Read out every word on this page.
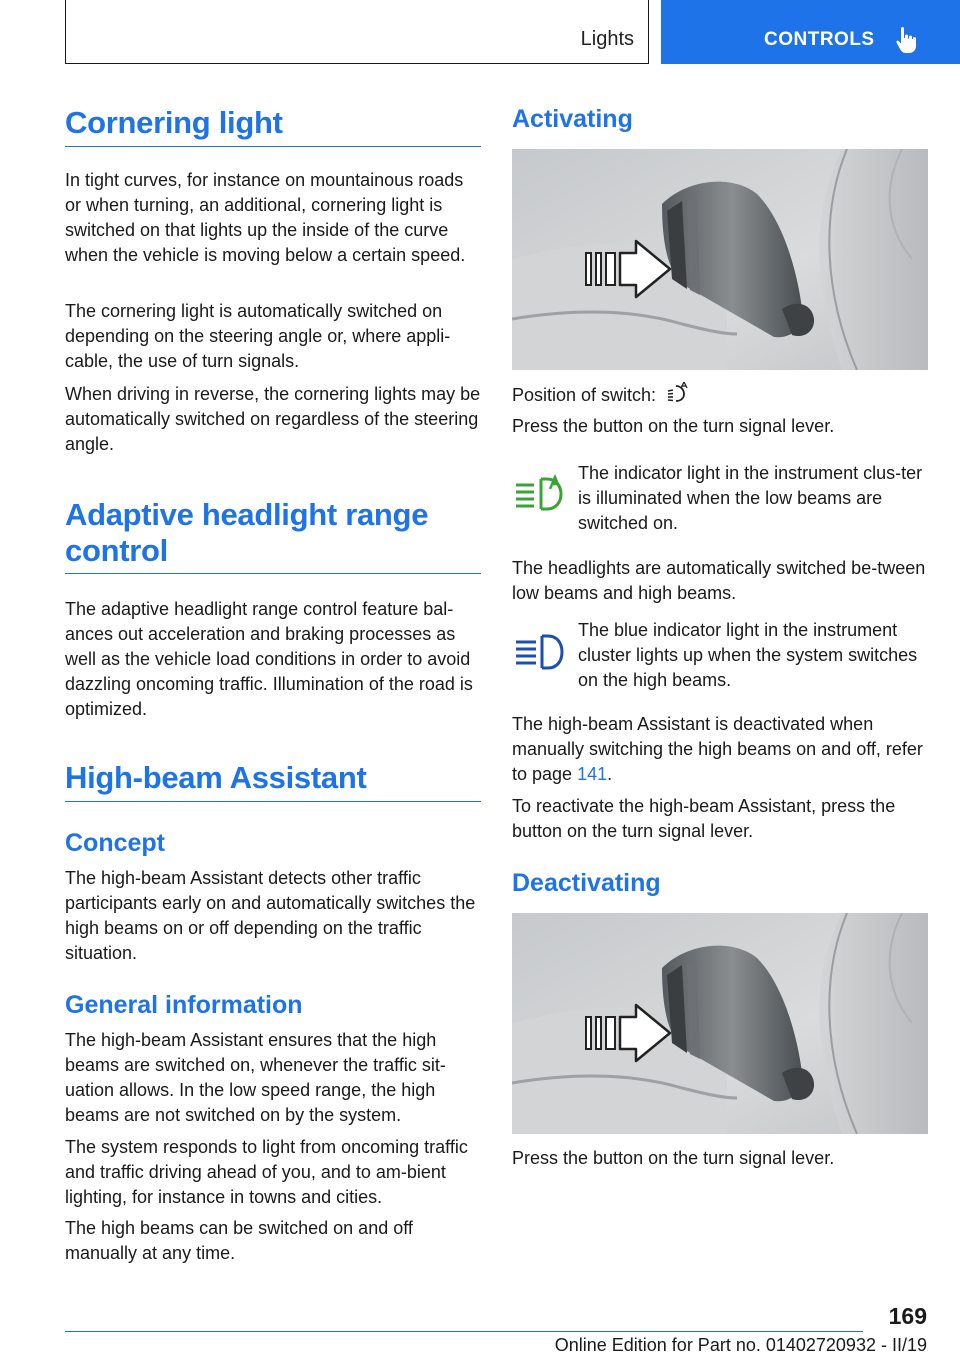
Lights	CONTROLS
Cornering light

In tight curves, for instance on mountainous roads or when turning, an additional, cornering light is switched on that lights up the inside of the curve when the vehicle is moving below a certain speed.

The cornering light is automatically switched on depending on the steering angle or, where appli-cable, the use of turn signals.

When driving in reverse, the cornering lights may be automatically switched on regardless of the steering angle.

Adaptive headlight range
control

The adaptive headlight range control feature bal-ances out acceleration and braking processes as well as the vehicle load conditions in order to avoid dazzling oncoming traffic. Illumination of the road is optimized.

High-beam Assistant
Concept

The high-beam Assistant detects other traffic participants early on and automatically switches the high beams on or off depending on the traffic situation.

General information

The high-beam Assistant ensures that the high beams are switched on, whenever the traffic sit-uation allows. In the low speed range, the high beams are not switched on by the system.

The system responds to light from oncoming traffic and traffic driving ahead of you, and to am-bient lighting, for instance in towns and cities.

The high beams can be switched on and off manually at any time.

Activating

Position of switch:

Press the button on the turn signal lever.

The indicator light in the instrument clus-ter is illuminated when the low beams are switched on.

The headlights are automatically switched be-tween low beams and high beams.

The blue indicator light in the instrument cluster lights up when the system switches on the high beams.

The high-beam Assistant is deactivated when manually switching the high beams on and off, refer to page 141.

To reactivate the high-beam Assistant, press the button on the turn signal lever.

Deactivating

Press the button on the turn signal lever.

169
Online Edition for Part no. 01402720932 - II/19
